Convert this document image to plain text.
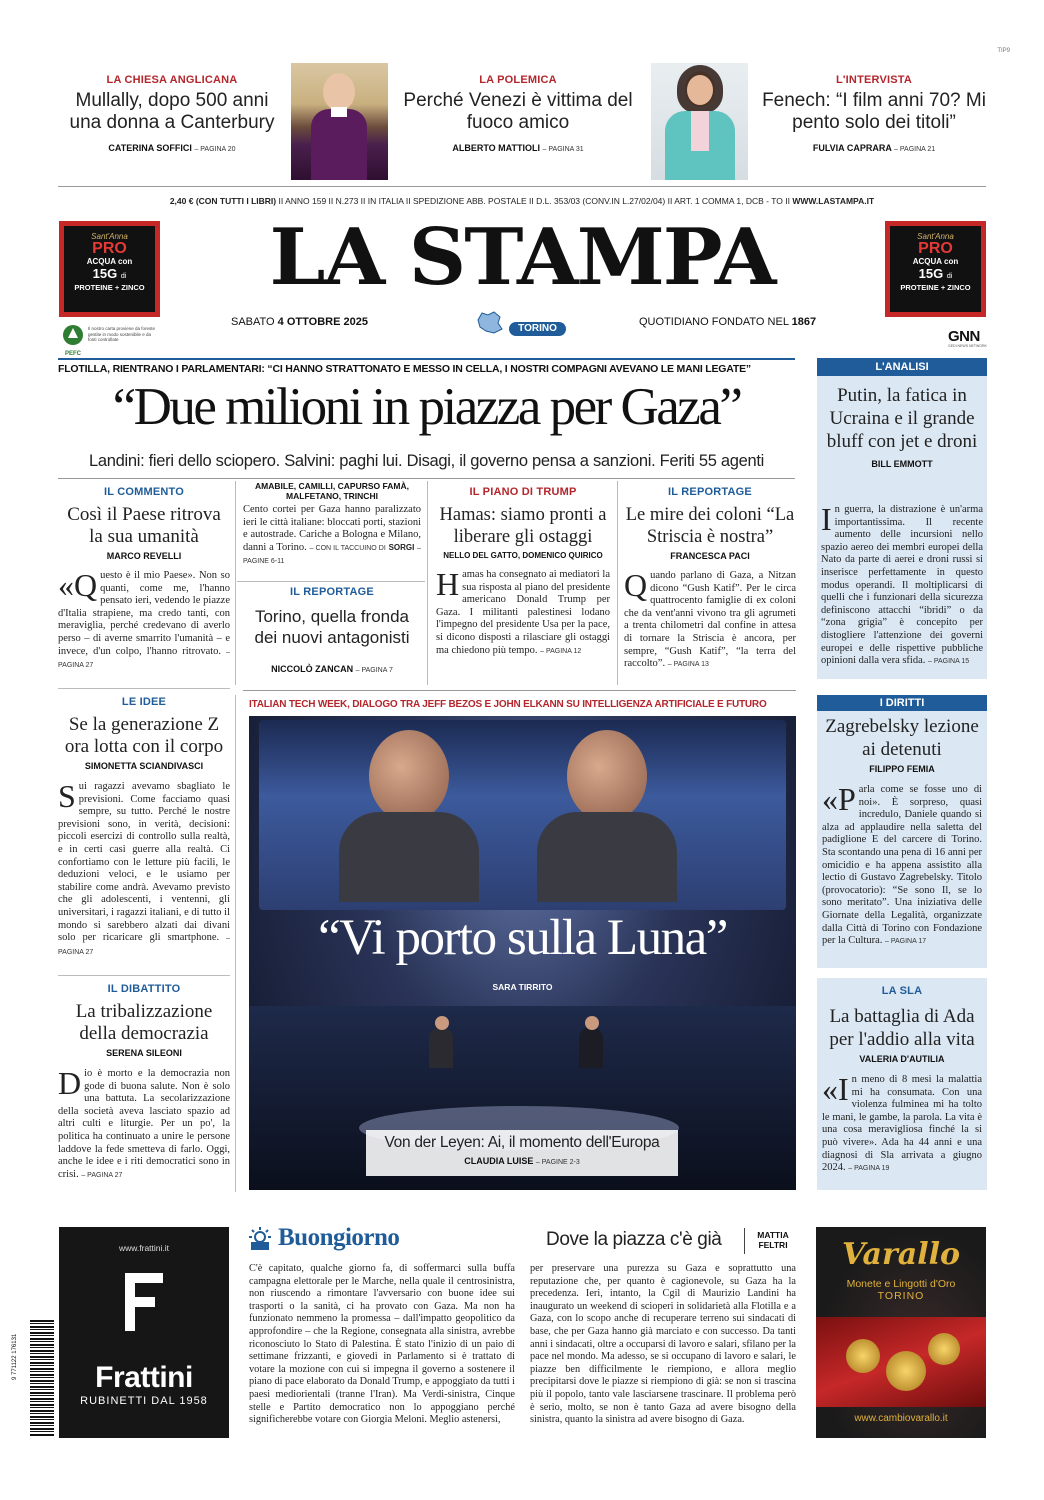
TIP9
LA CHIESA ANGLICANA
Mullally, dopo 500 anni una donna a Canterbury
CATERINA SOFFICI – PAGINA 20
LA POLEMICA
Perché Venezi è vittima del fuoco amico
ALBERTO MATTIOLI – PAGINA 31
L'INTERVISTA
Fenech: “I film anni 70? Mi pento solo dei titoli”
FULVIA CAPRARA – PAGINA 21
2,40 € (CON TUTTI I LIBRI) II ANNO 159 II N.273 II IN ITALIA II SPEDIZIONE ABB. POSTALE II D.L. 353/03 (CONV.IN L.27/02/04) II ART. 1 COMMA 1, DCB - TO II WWW.LASTAMPA.IT
Sant'Anna
PRO
ACQUA con
15G di
PROTEINE + ZINCO
Sant'Anna
PRO
ACQUA con
15G di
PROTEINE + ZINCO
LA STAMPA
SABATO 4 OTTOBRE 2025
TORINO
QUOTIDIANO FONDATO NEL 1867
PEFC
Il nostro carta proviene da foreste gestite in modo sostenibile e da fonti controllate	GNN
GEDI NEWS NETWORK
FLOTILLA, RIENTRANO I PARLAMENTARI: “CI HANNO STRATTONATO E MESSO IN CELLA, I NOSTRI COMPAGNI AVEVANO LE MANI LEGATE”
“Due milioni in piazza per Gaza”
Landini: fieri dello sciopero. Salvini: paghi lui. Disagi, il governo pensa a sanzioni. Feriti 55 agenti
IL COMMENTO
Così il Paese ritrova la sua umanità
MARCO REVELLI
«Questo è il mio Paese». Non so quanti, come me, l'hanno pensato ieri, vedendo le piazze d'Italia strapiene, ma credo tanti, con meraviglia, perché credevano di averlo perso – di averne smarrito l'umanità – e invece, d'un colpo, l'hanno ritrovato. – PAGINA 27
LE IDEE
Se la generazione Z ora lotta con il corpo
SIMONETTA SCIANDIVASCI
Sui ragazzi avevamo sbagliato le previsioni. Come facciamo quasi sempre, su tutto. Perché le nostre previsioni sono, in verità, decisioni: piccoli esercizi di controllo sulla realtà, e in certi casi guerre alla realtà. Ci confortiamo con le letture più facili, le deduzioni veloci, e le usiamo per stabilire come andrà. Avevamo previsto che gli adolescenti, i ventenni, gli universitari, i ragazzi italiani, e di tutto il mondo si sarebbero alzati dai divani solo per ricaricare gli smartphone. – PAGINA 27
IL DIBATTITO
La tribalizzazione della democrazia
SERENA SILEONI
Dio è morto e la democrazia non gode di buona salute. Non è solo una battuta. La secolarizzazione della società aveva lasciato spazio ad altri culti e liturgie. Per un po', la politica ha continuato a unire le persone laddove la fede smetteva di farlo. Oggi, anche le idee e i riti democratici sono in crisi. – PAGINA 27
AMABILE, CAMILLI, CAPURSO FAMÀ, MALFETANO, TRINCHI
Cento cortei per Gaza hanno paralizzato ieri le città italiane: bloccati porti, stazioni e autostrade. Cariche a Bologna e Milano, danni a Torino. – CON IL TACCUINO DI SORGI – PAGINE 6-11
IL REPORTAGE
Torino, quella fronda dei nuovi antagonisti
NICCOLÒ ZANCAN – PAGINA 7
IL PIANO DI TRUMP
Hamas: siamo pronti a liberare gli ostaggi
NELLO DEL GATTO, DOMENICO QUIRICO
Hamas ha consegnato ai mediatori la sua risposta al piano del presidente americano Donald Trump per Gaza. I militanti palestinesi lodano l'impegno del presidente Usa per la pace, si dicono disposti a rilasciare gli ostaggi ma chiedono più tempo. – PAGINA 12
IL REPORTAGE
Le mire dei coloni “La Striscia è nostra”
FRANCESCA PACI
Quando parlano di Gaza, a Nitzan dicono “Gush Katif”. Per le circa quattrocento famiglie di ex coloni che da vent'anni vivono tra gli agrumeti a trenta chilometri dal confine in attesa di tornare la Striscia è ancora, per sempre, “Gush Katif”, “la terra del raccolto”. – PAGINA 13
ITALIAN TECH WEEK, DIALOGO TRA JEFF BEZOS E JOHN ELKANN SU INTELLIGENZA ARTIFICIALE E FUTURO
“Vi porto sulla Luna”
SARA TIRRITO
Von der Leyen: Ai, il momento dell'Europa
CLAUDIA LUISE – PAGINE 2-3
L'ANALISI
Putin, la fatica in Ucraina e il grande bluff con jet e droni
BILL EMMOTT
In guerra, la distrazione è un'arma importantissima. Il recente aumento delle incursioni nello spazio aereo dei membri europei della Nato da parte di aerei e droni russi si inserisce perfettamente in questo modus operandi. Il moltiplicarsi di quelli che i funzionari della sicurezza definiscono attacchi “ibridi” o da “zona grigia” è concepito per distogliere l'attenzione dei governi europei e delle rispettive pubbliche opinioni dalla vera sfida. – PAGINA 15
I DIRITTI
Zagrebelsky lezione ai detenuti
FILIPPO FEMIA
«Parla come se fosse uno di noi». È sorpreso, quasi incredulo, Daniele quando si alza ad applaudire nella saletta del padiglione E del carcere di Torino. Sta scontando una pena di 16 anni per omicidio e ha appena assistito alla lectio di Gustavo Zagrebelsky. Titolo (provocatorio): “Se sono Il, se lo sono meritato”. Una iniziativa delle Giornate della Legalità, organizzate dalla Città di Torino con Fondazione per la Cultura. – PAGINA 17
LA SLA
La battaglia di Ada per l'addio alla vita
VALERIA D'AUTILIA
«In meno di 8 mesi la malattia mi ha consumata. Con una violenza fulminea mi ha tolto le mani, le gambe, la parola. La vita è una cosa meravigliosa finché la si può vivere». Ada ha 44 anni e una diagnosi di Sla arrivata a giugno 2024. – PAGINA 19
www.frattini.it
Frattini
RUBINETTI DAL 1958
9 771122 176131
Buongiorno	Dove la piazza c'è già	MATTIA FELTRI
C'è capitato, qualche giorno fa, di soffermarci sulla buffa campagna elettorale per le Marche, nella quale il centrosinistra, non riuscendo a rimontare l'avversario con buone idee sui trasporti o la sanità, ci ha provato con Gaza. Ma non ha funzionato nemmeno la promessa – dall'impatto geopolitico da approfondire – che la Regione, consegnata alla sinistra, avrebbe riconosciuto lo Stato di Palestina. È stato l'inizio di un paio di settimane frizzanti, e giovedì in Parlamento si è trattato di votare la mozione con cui si impegna il governo a sostenere il piano di pace elaborato da Donald Trump, e appoggiato da tutti i paesi mediorientali (tranne l'Iran). Ma Verdi-sinistra, Cinque stelle e Partito democratico non lo appoggiano perché significherebbe votare con Giorgia Meloni. Meglio astenersi,
per preservare una purezza su Gaza e soprattutto una reputazione che, per quanto è cagionevole, su Gaza ha la precedenza. Ieri, intanto, la Cgil di Maurizio Landini ha inaugurato un weekend di scioperi in solidarietà alla Flotilla e a Gaza, con lo scopo anche di recuperare terreno sui sindacati di base, che per Gaza hanno già marciato e con successo. Da tanti anni i sindacati, oltre a occuparsi di lavoro e salari, sfilano per la pace nel mondo. Ma adesso, se si occupano di lavoro e salari, le piazze ben difficilmente le riempiono, e allora meglio precipitarsi dove le piazze si riempiono di già: se non si trascina più il popolo, tanto vale lasciarsene trascinare. Il problema però è serio, molto, se non è tanto Gaza ad avere bisogno della sinistra, quanto la sinistra ad avere bisogno di Gaza.
Varallo
Monete e Lingotti d'Oro
TORINO
www.cambiovarallo.it
